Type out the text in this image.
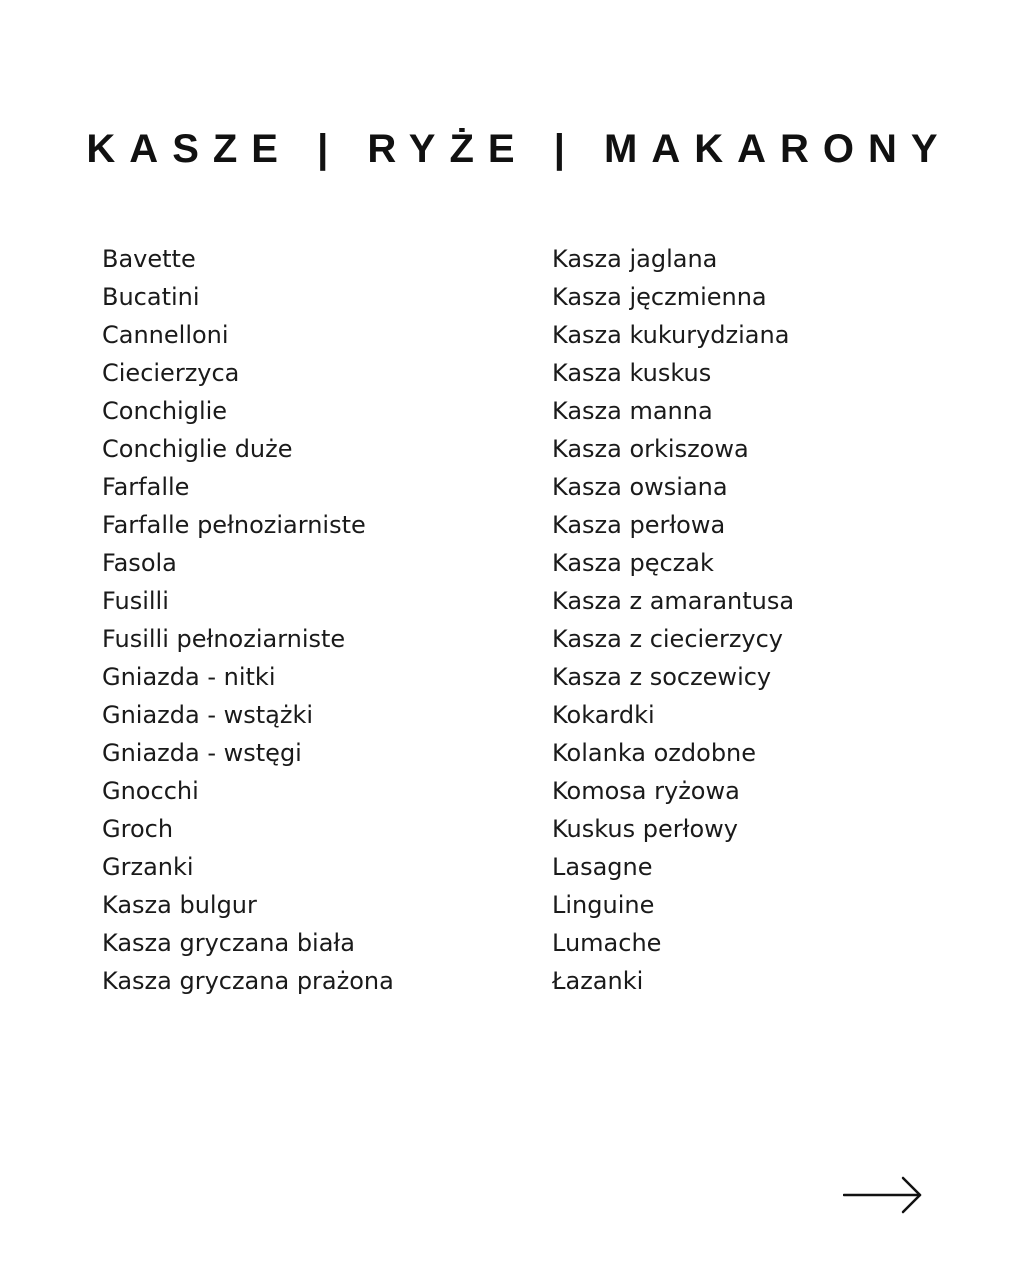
KASZE | RYŻE | MAKARONY
Bavette
Bucatini
Cannelloni
Ciecierzyca
Conchiglie
Conchiglie duże
Farfalle
Farfalle pełnoziarniste
Fasola
Fusilli
Fusilli pełnoziarniste
Gniazda - nitki
Gniazda - wstążki
Gniazda - wstęgi
Gnocchi
Groch
Grzanki
Kasza bulgur
Kasza gryczana biała
Kasza gryczana prażona
Kasza jaglana
Kasza jęczmienna
Kasza kukurydziana
Kasza kuskus
Kasza manna
Kasza orkiszowa
Kasza owsiana
Kasza perłowa
Kasza pęczak
Kasza z amarantusa
Kasza z ciecierzycy
Kasza z soczewicy
Kokardki
Kolanka ozdobne
Komosa ryżowa
Kuskus perłowy
Lasagne
Linguine
Lumache
Łazanki
